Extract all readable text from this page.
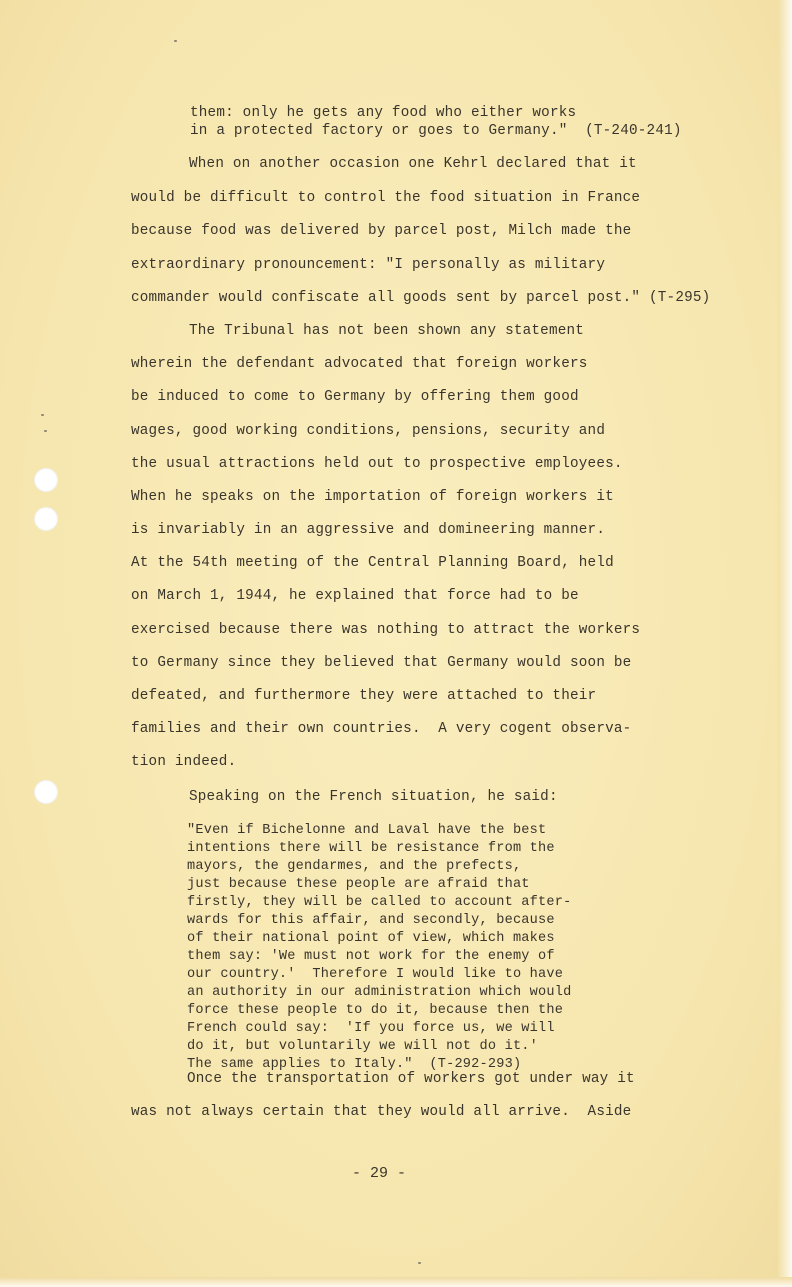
them: only he gets any food who either works

in a protected factory or goes to Germany."  (T-240-241)

When on another occasion one Kehrl declared that it

would be difficult to control the food situation in France

because food was delivered by parcel post, Milch made the

extraordinary pronouncement: "I personally as military

commander would confiscate all goods sent by parcel post." (T-295)

The Tribunal has not been shown any statement

wherein the defendant advocated that foreign workers

be induced to come to Germany by offering them good

wages, good working conditions, pensions, security and

the usual attractions held out to prospective employees.

When he speaks on the importation of foreign workers it

is invariably in an aggressive and domineering manner.

At the 54th meeting of the Central Planning Board, held

on March 1, 1944, he explained that force had to be

exercised because there was nothing to attract the workers

to Germany since they believed that Germany would soon be

defeated, and furthermore they were attached to their

families and their own countries.  A very cogent observa-

tion indeed.

Speaking on the French situation, he said:

"Even if Bichelonne and Laval have the best

intentions there will be resistance from the

mayors, the gendarmes, and the prefects,

just because these people are afraid that

firstly, they will be called to account after-

wards for this affair, and secondly, because

of their national point of view, which makes

them say: 'We must not work for the enemy of

our country.'  Therefore I would like to have

an authority in our administration which would

force these people to do it, because then the

French could say:  'If you force us, we will

do it, but voluntarily we will not do it.'

The same applies to Italy."  (T-292-293)

Once the transportation of workers got under way it

was not always certain that they would all arrive.  Aside

- 29 -
